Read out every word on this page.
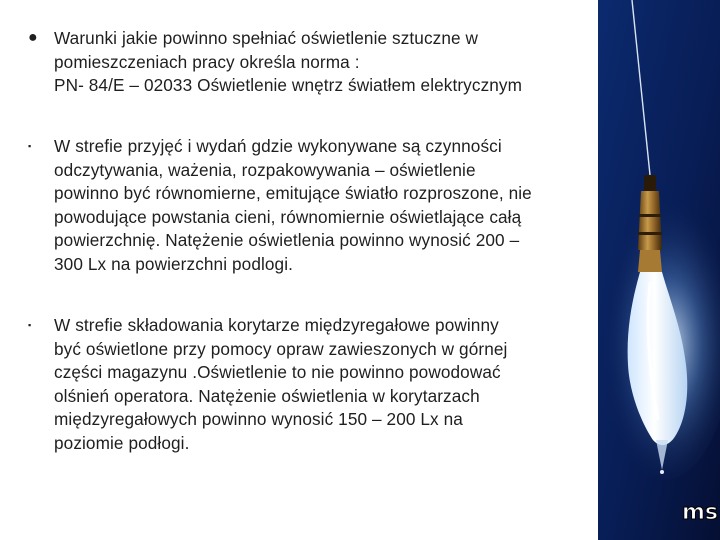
● Warunki jakie powinno spełniać oświetlenie sztuczne w
pomieszczeniach pracy określa norma :
PN- 84/E – 02033 Oświetlenie wnętrz światłem elektrycznym
▪ W strefie przyjęć i wydań gdzie wykonywane są czynności
odczytywania, ważenia, rozpakowywania – oświetlenie
powinno być równomierne, emitujące światło rozproszone, nie
powodujące powstania cieni, równomiernie oświetlające całą
powierzchnię. Natężenie oświetlenia powinno wynosić 200 –
300 Lx na powierzchni podlogi.
▪ W strefie składowania korytarze międzyregałowe powinny
być oświetlone przy pomocy opraw zawieszonych w górnej
części magazynu .Oświetlenie to nie powinno powodować
olśnień operatora. Natężenie oświetlenia w korytarzach
międzyregałowych powinno wynosić 150 – 200 Lx na
poziomie podłogi.
ms
